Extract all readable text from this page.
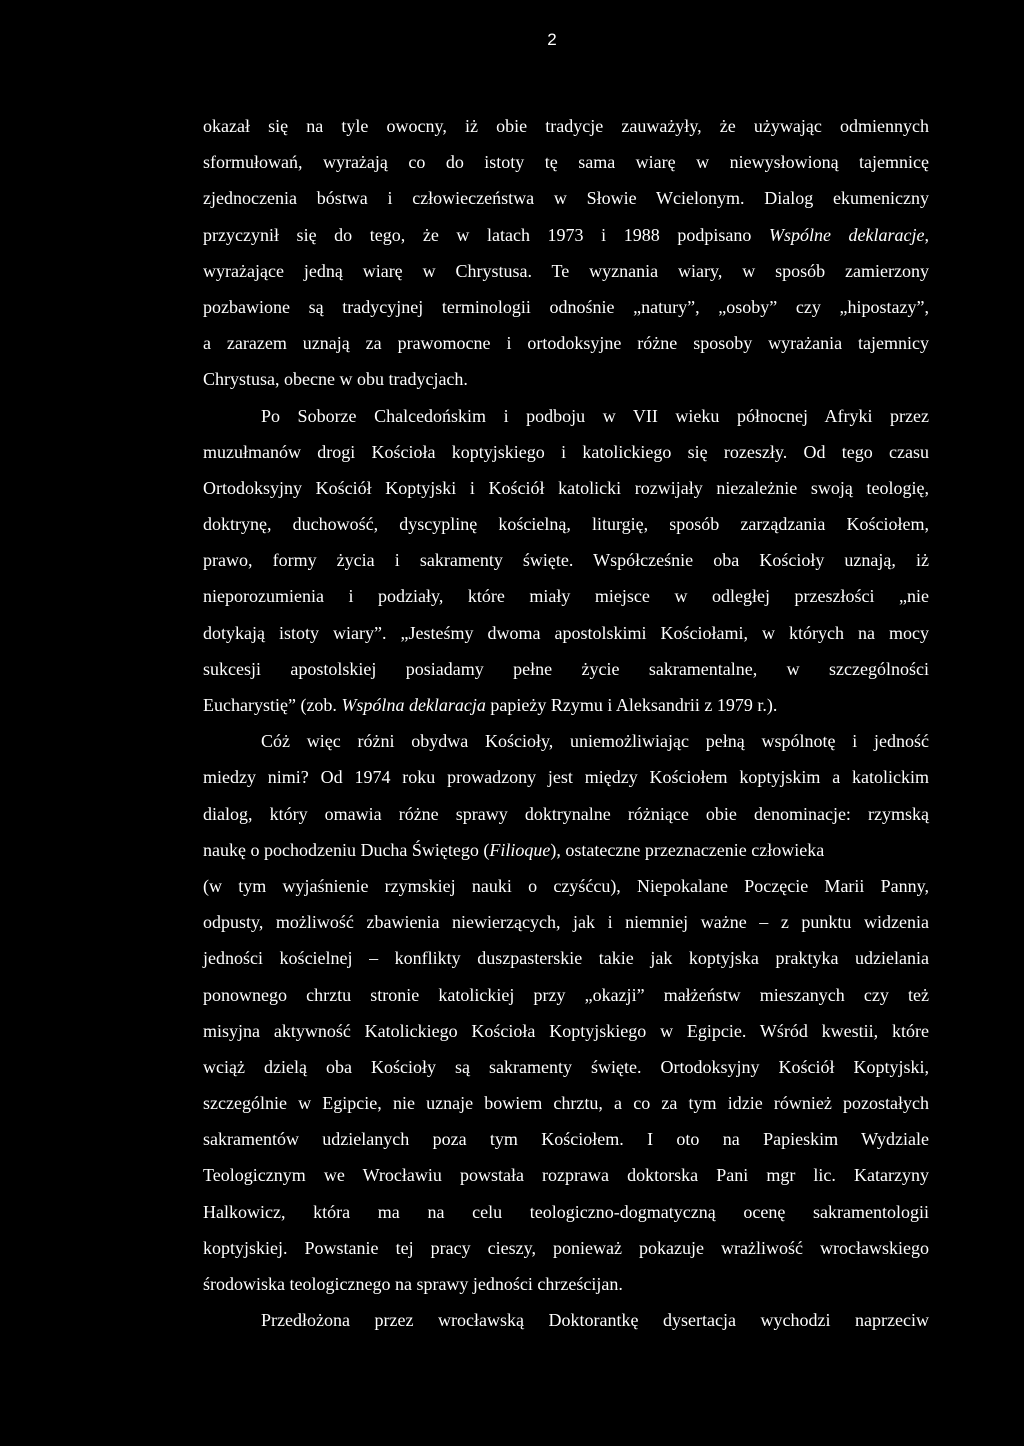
2
okazał się na tyle owocny, iż obie tradycje zauważyły, że używając odmiennych
sformułowań, wyrażają co do istoty tę sama wiarę w niewysłowioną tajemnicę
zjednoczenia bóstwa i człowieczeństwa w Słowie Wcielonym. Dialog ekumeniczny
przyczynił się do tego, że w latach 1973 i 1988 podpisano Wspólne deklaracje,
wyrażające jedną wiarę w Chrystusa. Te wyznania wiary, w sposób zamierzony
pozbawione są tradycyjnej terminologii odnośnie „natury”, „osoby” czy „hipostazy”,
a zarazem uznają za prawomocne i ortodoksyjne różne sposoby wyrażania tajemnicy
Chrystusa, obecne w obu tradycjach.
Po Soborze Chalcedońskim i podboju w VII wieku północnej Afryki przez
muzułmanów drogi Kościoła koptyjskiego i katolickiego się rozeszły. Od tego czasu
Ortodoksyjny Kościół Koptyjski i Kościół katolicki rozwijały niezależnie swoją teologię,
doktrynę, duchowość, dyscyplinę kościelną, liturgię, sposób zarządzania Kościołem,
prawo, formy życia i sakramenty święte. Współcześnie oba Kościoły uznają, iż
nieporozumienia i podziały, które miały miejsce w odległej przeszłości „nie
dotykają istoty wiary”. „Jesteśmy dwoma apostolskimi Kościołami, w których na mocy
sukcesji apostolskiej posiadamy pełne życie sakramentalne, w szczególności
Eucharystię” (zob. Wspólna deklaracja papieży Rzymu i Aleksandrii z 1979 r.).
Cóż więc różni obydwa Kościoły, uniemożliwiając pełną wspólnotę i jedność
miedzy nimi? Od 1974 roku prowadzony jest między Kościołem koptyjskim a katolickim
dialog, który omawia różne sprawy doktrynalne różniące obie denominacje: rzymską
naukę o pochodzeniu Ducha Świętego (Filioque), ostateczne przeznaczenie człowieka
(w tym wyjaśnienie rzymskiej nauki o czyśćcu), Niepokalane Poczęcie Marii Panny,
odpusty, możliwość zbawienia niewierzących, jak i niemniej ważne – z punktu widzenia
jedności kościelnej – konflikty duszpasterskie takie jak koptyjska praktyka udzielania
ponownego chrztu stronie katolickiej przy „okazji” małżeństw mieszanych czy też
misyjna aktywność Katolickiego Kościoła Koptyjskiego w Egipcie. Wśród kwestii, które
wciąż dzielą oba Kościoły są sakramenty święte. Ortodoksyjny Kościół Koptyjski,
szczególnie w Egipcie, nie uznaje bowiem chrztu, a co za tym idzie również pozostałych
sakramentów udzielanych poza tym Kościołem. I oto na Papieskim Wydziale
Teologicznym we Wrocławiu powstała rozprawa doktorska Pani mgr lic. Katarzyny
Halkowicz, która ma na celu teologiczno-dogmatyczną ocenę sakramentologii
koptyjskiej. Powstanie tej pracy cieszy, ponieważ pokazuje wrażliwość wrocławskiego
środowiska teologicznego na sprawy jedności chrześcijan.
Przedłożona przez wrocławską Doktorantkę dysertacja wychodzi naprzeciw
